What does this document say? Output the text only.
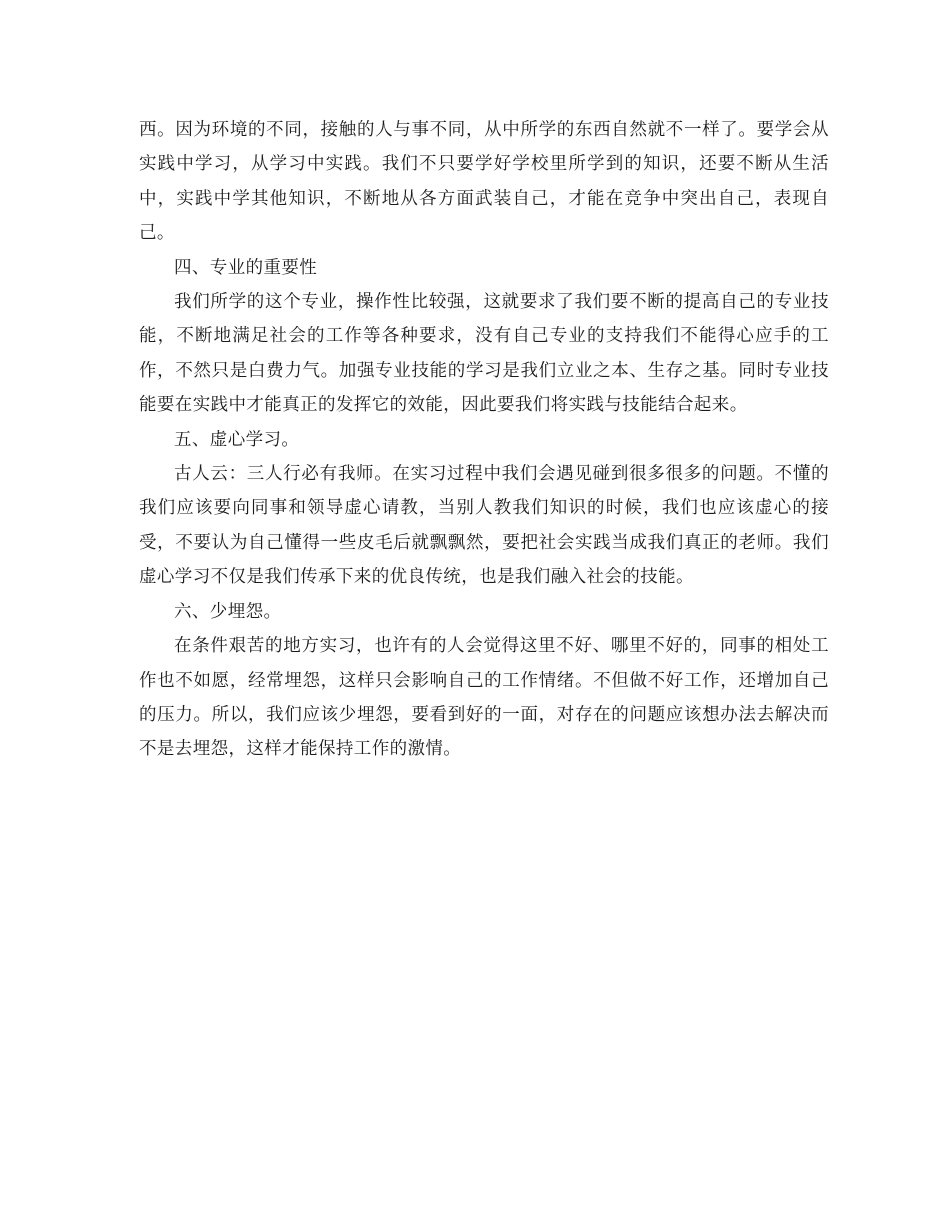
西。因为环境的不同，接触的人与事不同，从中所学的东西自然就不一样了。要学会从实践中学习，从学习中实践。我们不只要学好学校里所学到的知识，还要不断从生活中，实践中学其他知识，不断地从各方面武装自己，才能在竞争中突出自己，表现自己。

四、专业的重要性

我们所学的这个专业，操作性比较强，这就要求了我们要不断的提高自己的专业技能，不断地满足社会的工作等各种要求，没有自己专业的支持我们不能得心应手的工作，不然只是白费力气。加强专业技能的学习是我们立业之本、生存之基。同时专业技能要在实践中才能真正的发挥它的效能，因此要我们将实践与技能结合起来。

五、虚心学习。

古人云：三人行必有我师。在实习过程中我们会遇见碰到很多很多的问题。不懂的我们应该要向同事和领导虚心请教，当别人教我们知识的时候，我们也应该虚心的接受，不要认为自己懂得一些皮毛后就飘飘然，要把社会实践当成我们真正的老师。我们虚心学习不仅是我们传承下来的优良传统，也是我们融入社会的技能。

六、少埋怨。

在条件艰苦的地方实习，也许有的人会觉得这里不好、哪里不好的，同事的相处工作也不如愿，经常埋怨，这样只会影响自己的工作情绪。不但做不好工作，还增加自己的压力。所以，我们应该少埋怨，要看到好的一面，对存在的问题应该想办法去解决而不是去埋怨，这样才能保持工作的激情。
